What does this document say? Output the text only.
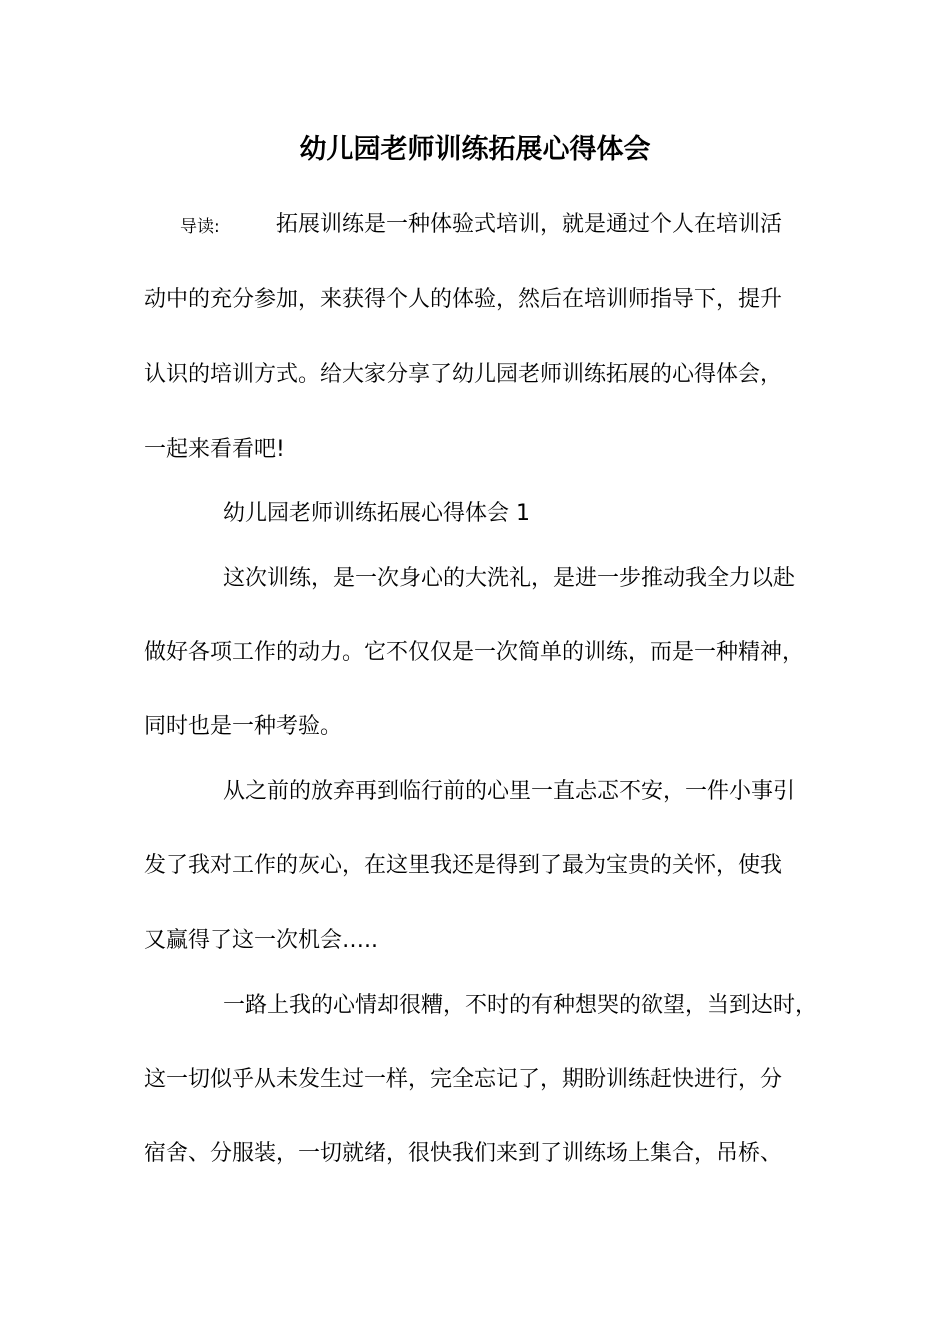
幼儿园老师训练拓展心得体会
导读:	拓展训练是一种体验式培训，就是通过个人在培训活
动中的充分参加，来获得个人的体验，然后在培训师指导下，提升
认识的培训方式。给大家分享了幼儿园老师训练拓展的心得体会，
一起来看看吧!
幼儿园老师训练拓展心得体会 1
这次训练，是一次身心的大洗礼，是进一步推动我全力以赴
做好各项工作的动力。它不仅仅是一次简单的训练，而是一种精神，
同时也是一种考验。
从之前的放弃再到临行前的心里一直忐忑不安，一件小事引
发了我对工作的灰心，在这里我还是得到了最为宝贵的关怀，使我
又赢得了这一次机会…..
一路上我的心情却很糟，不时的有种想哭的欲望，当到达时，
这一切似乎从未发生过一样，完全忘记了，期盼训练赶快进行，分
宿舍、分服装，一切就绪，很快我们来到了训练场上集合，吊桥、
